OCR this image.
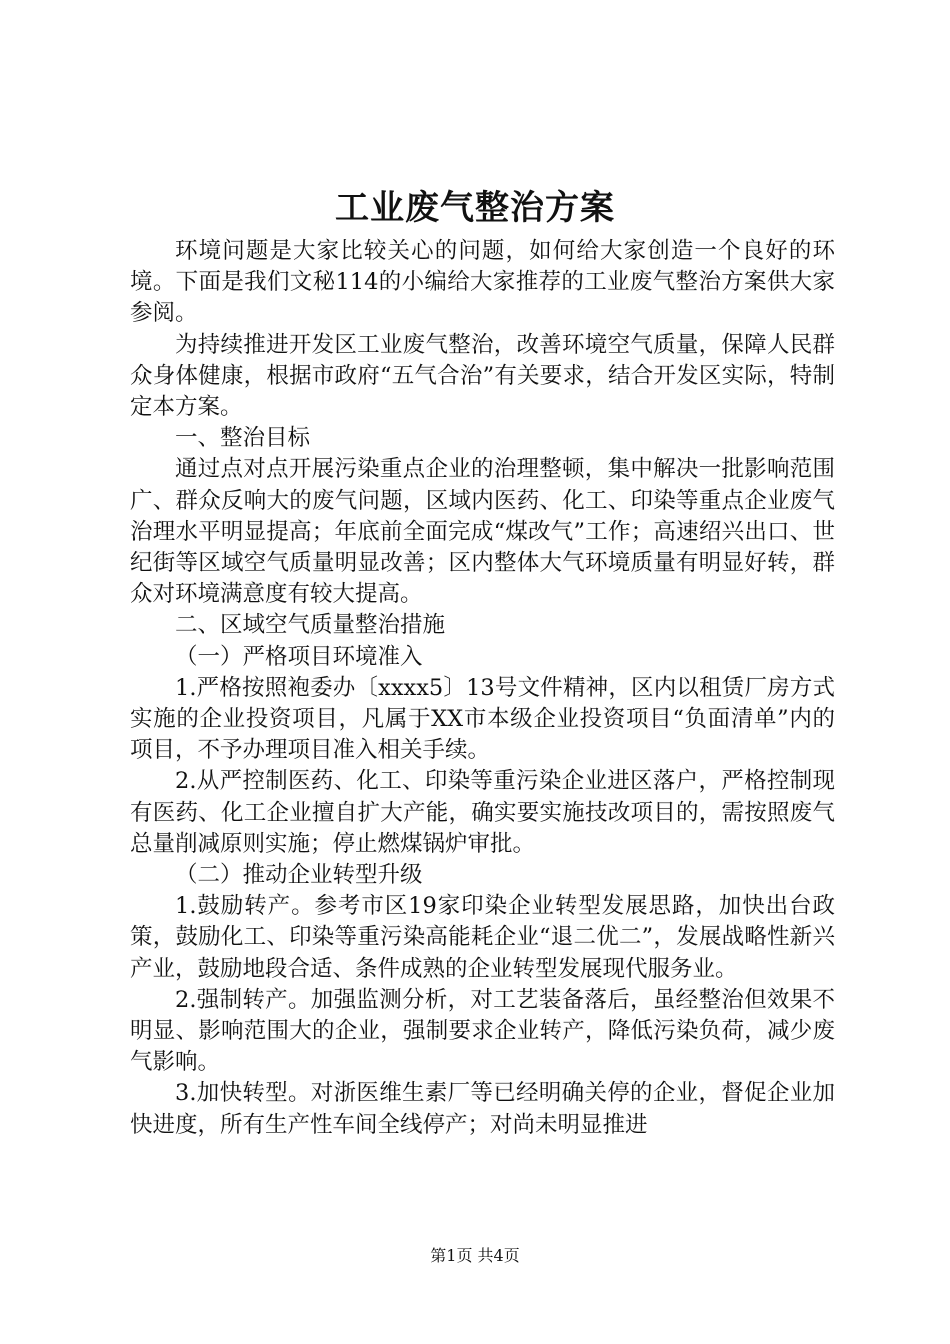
工业废气整治方案

环境问题是大家比较关心的问题，如何给大家创造一个良好的环境。下面是我们文秘114的小编给大家推荐的工业废气整治方案供大家参阅。

为持续推进开发区工业废气整治，改善环境空气质量，保障人民群众身体健康，根据市政府“五气合治”有关要求，结合开发区实际，特制定本方案。

一、整治目标

通过点对点开展污染重点企业的治理整顿，集中解决一批影响范围广、群众反响大的废气问题，区域内医药、化工、印染等重点企业废气治理水平明显提高；年底前全面完成“煤改气”工作；高速绍兴出口、世纪街等区域空气质量明显改善；区内整体大气环境质量有明显好转，群众对环境满意度有较大提高。

二、区域空气质量整治措施

（一）严格项目环境准入

1.严格按照袍委办〔xxxx5〕13号文件精神，区内以租赁厂房方式实施的企业投资项目，凡属于XX市本级企业投资项目“负面清单”内的项目，不予办理项目准入相关手续。

2.从严控制医药、化工、印染等重污染企业进区落户，严格控制现有医药、化工企业擅自扩大产能，确实要实施技改项目的，需按照废气总量削减原则实施；停止燃煤锅炉审批。

（二）推动企业转型升级

1.鼓励转产。参考市区19家印染企业转型发展思路，加快出台政策，鼓励化工、印染等重污染高能耗企业“退二优二”，发展战略性新兴产业，鼓励地段合适、条件成熟的企业转型发展现代服务业。

2.强制转产。加强监测分析，对工艺装备落后，虽经整治但效果不明显、影响范围大的企业，强制要求企业转产，降低污染负荷，减少废气影响。

3.加快转型。对浙医维生素厂等已经明确关停的企业，督促企业加快进度，所有生产性车间全线停产；对尚未明显推进

第1页 共4页
